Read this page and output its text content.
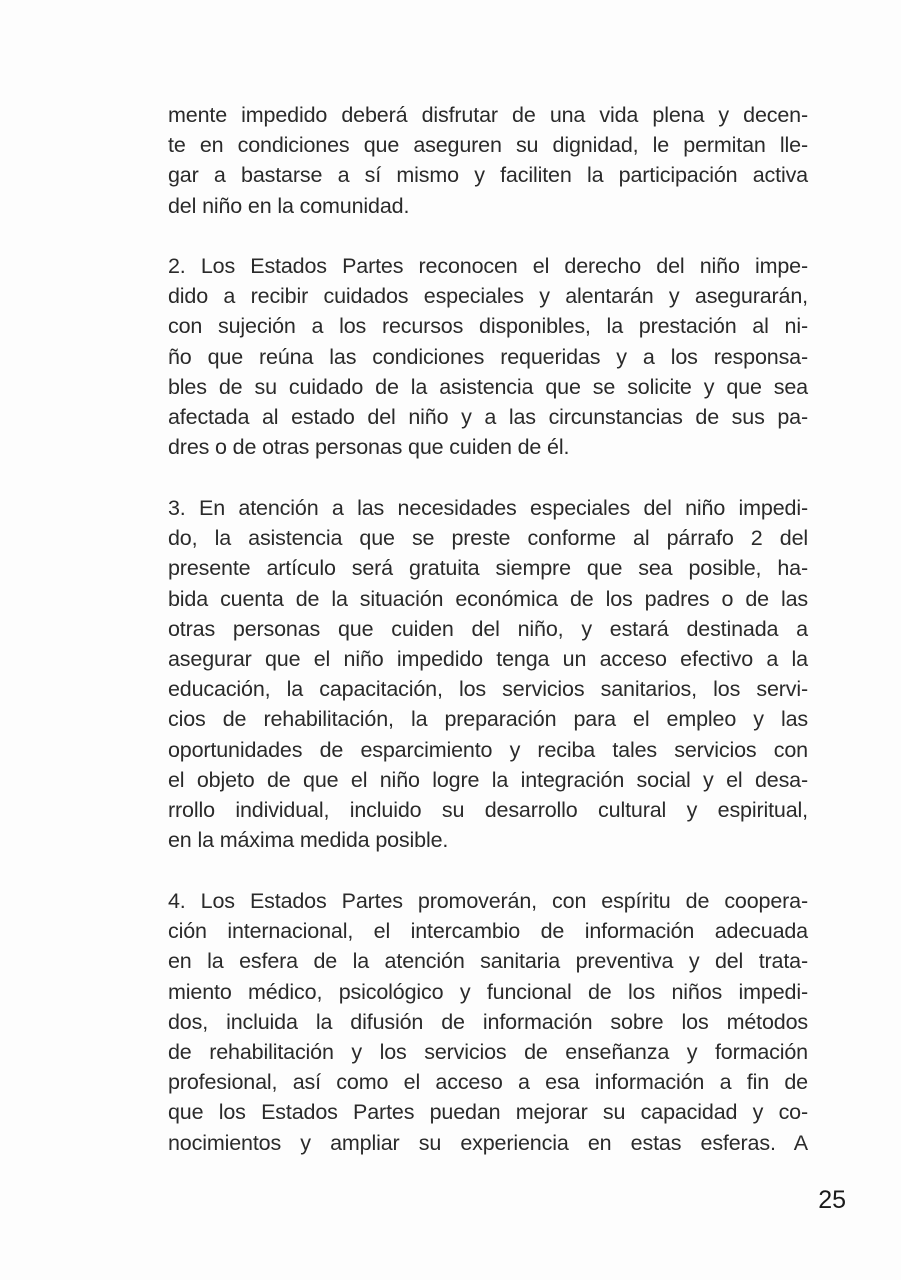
mente impedido deberá disfrutar de una vida plena y decen-
te en condiciones que aseguren su dignidad, le permitan lle-
gar a bastarse a sí mismo y faciliten la participación activa
del niño en la comunidad.
2. Los Estados Partes reconocen el derecho del niño impe-
dido a recibir cuidados especiales y alentarán y asegurarán,
con sujeción a los recursos disponibles, la prestación al ni-
ño que reúna las condiciones requeridas y a los responsa-
bles de su cuidado de la asistencia que se solicite y que sea
afectada al estado del niño y a las circunstancias de sus pa-
dres o de otras personas que cuiden de él.
3. En atención a las necesidades especiales del niño impedi-
do, la asistencia que se preste conforme al párrafo 2 del
presente artículo será gratuita siempre que sea posible, ha-
bida cuenta de la situación económica de los padres o de las
otras personas que cuiden del niño, y estará destinada a
asegurar que el niño impedido tenga un acceso efectivo a la
educación, la capacitación, los servicios sanitarios, los servi-
cios de rehabilitación, la preparación para el empleo y las
oportunidades de esparcimiento y reciba tales servicios con
el objeto de que el niño logre la integración social y el desa-
rrollo individual, incluido su desarrollo cultural y espiritual,
en la máxima medida posible.
4. Los Estados Partes promoverán, con espíritu de coopera-
ción internacional, el intercambio de información adecuada
en la esfera de la atención sanitaria preventiva y del trata-
miento médico, psicológico y funcional de los niños impedi-
dos, incluida la difusión de información sobre los métodos
de rehabilitación y los servicios de enseñanza y formación
profesional, así como el acceso a esa información a fin de
que los Estados Partes puedan mejorar su capacidad y co-
nocimientos y ampliar su experiencia en estas esferas. A
25
